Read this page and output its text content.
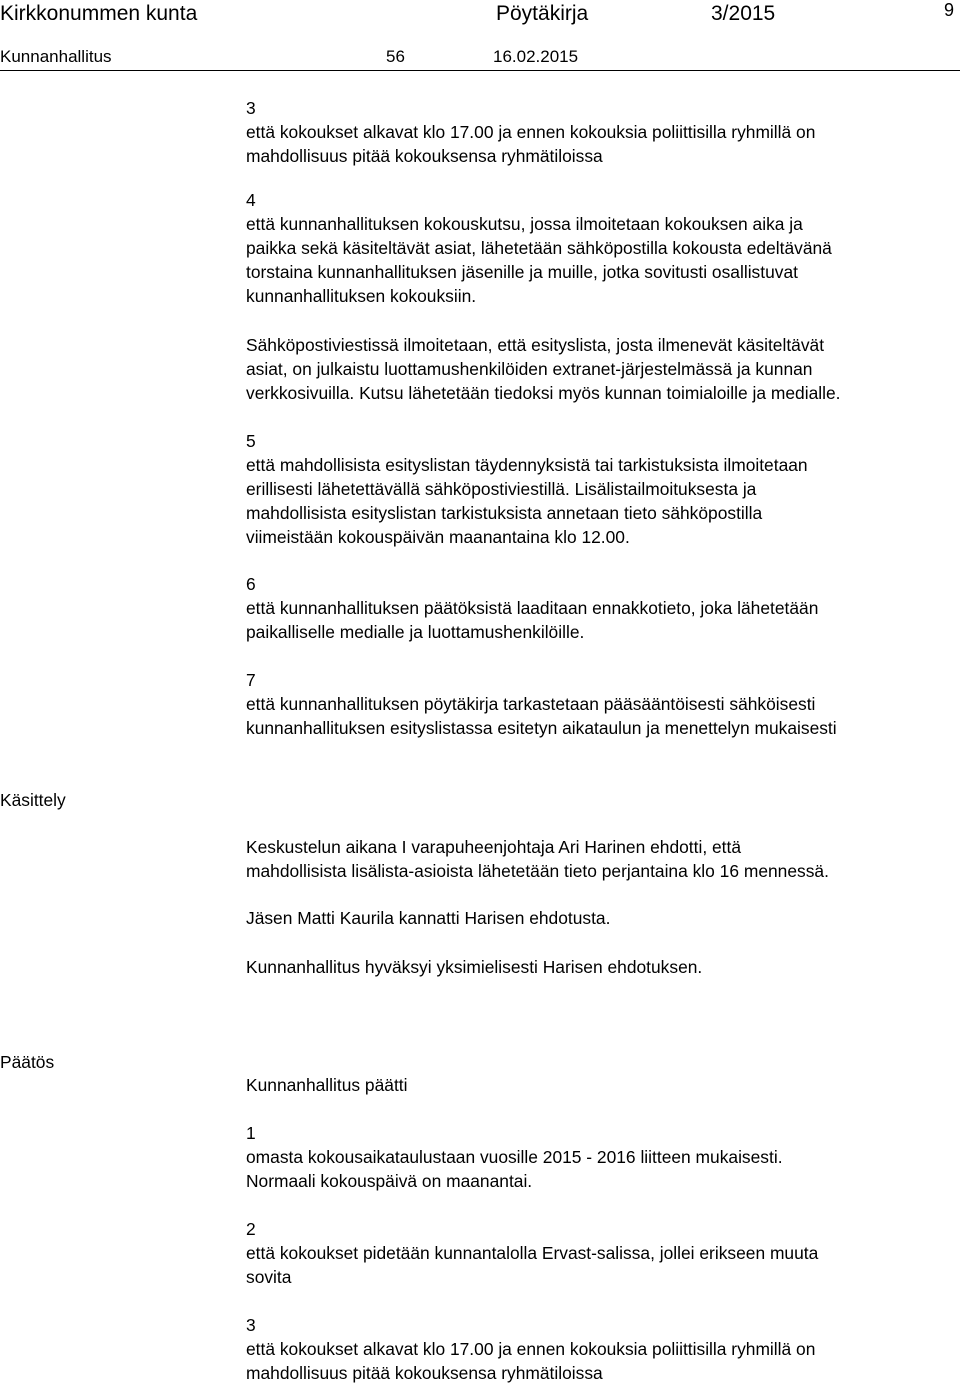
Kirkkonummen kunta	Pöytäkirja	3/2015	9
Kunnanhallitus	56	16.02.2015
3
että kokoukset alkavat klo 17.00 ja ennen kokouksia poliittisilla ryhmillä on
mahdollisuus pitää kokouksensa ryhmätiloissa
4
että kunnanhallituksen kokouskutsu, jossa ilmoitetaan kokouksen aika ja
paikka sekä käsiteltävät asiat, lähetetään sähköpostilla kokousta edeltävänä
torstaina kunnanhallituksen jäsenille ja muille, jotka sovitusti osallistuvat
kunnanhallituksen kokouksiin.
Sähköpostiviestissä ilmoitetaan, että esityslista, josta ilmenevät käsiteltävät
asiat, on julkaistu luottamushenkilöiden extranet-järjestelmässä ja kunnan
verkkosivuilla. Kutsu lähetetään tiedoksi myös kunnan toimialoille ja medialle.
5
että mahdollisista esityslistan täydennyksistä tai tarkistuksista ilmoitetaan
erillisesti lähetettävällä sähköpostiviestillä. Lisälistailmoituksesta ja
mahdollisista esityslistan tarkistuksista annetaan tieto sähköpostilla
viimeistään kokouspäivän maanantaina klo 12.00.
6
että kunnanhallituksen päätöksistä laaditaan ennakkotieto, joka lähetetään
paikalliselle medialle ja luottamushenkilöille.
7
että kunnanhallituksen pöytäkirja tarkastetaan pääsääntöisesti sähköisesti
kunnanhallituksen esityslistassa esitetyn aikataulun ja menettelyn mukaisesti
Käsittely
Keskustelun aikana I varapuheenjohtaja Ari Harinen ehdotti, että
mahdollisista lisälista-asioista lähetetään tieto perjantaina klo 16 mennessä.
Jäsen Matti Kaurila kannatti Harisen ehdotusta.
Kunnanhallitus hyväksyi yksimielisesti Harisen ehdotuksen.
Päätös
Kunnanhallitus päätti
1
omasta kokousaikataulustaan vuosille 2015 - 2016 liitteen mukaisesti.
Normaali kokouspäivä on maanantai.
2
että kokoukset pidetään kunnantalolla Ervast-salissa, jollei erikseen muuta
sovita
3
että kokoukset alkavat klo 17.00 ja ennen kokouksia poliittisilla ryhmillä on
mahdollisuus pitää kokouksensa ryhmätiloissa
